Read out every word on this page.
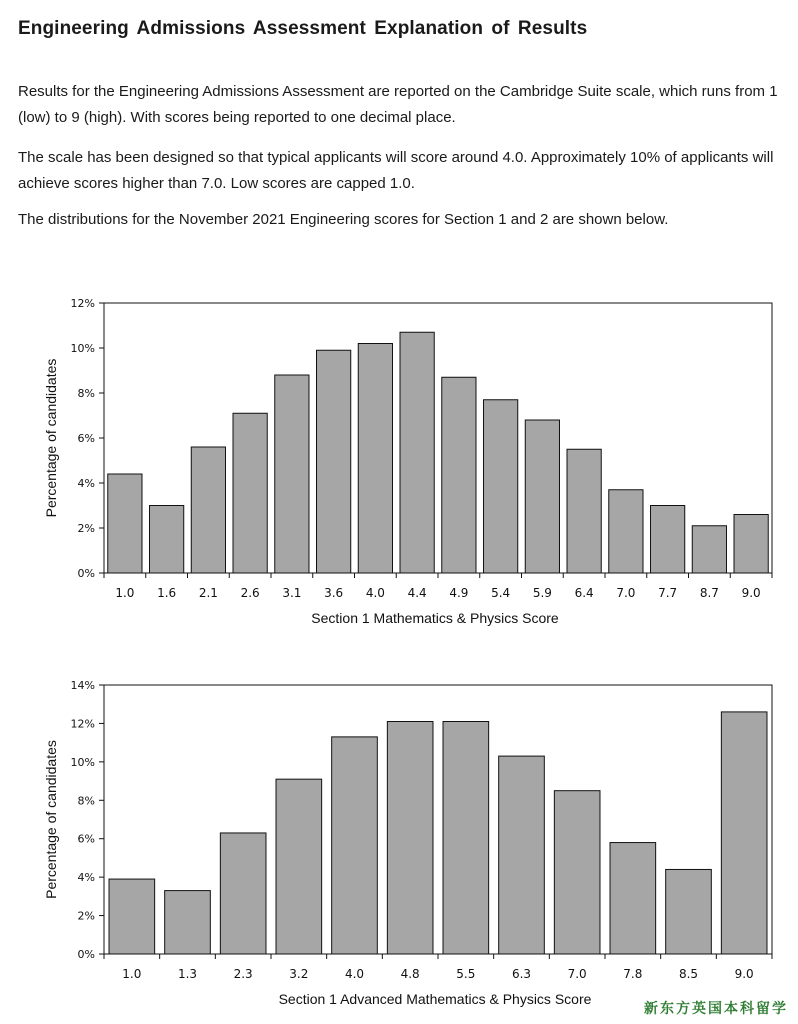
Engineering Admissions Assessment Explanation of Results

Results for the Engineering Admissions Assessment are reported on the Cambridge Suite scale, which runs from 1 (low) to 9 (high). With scores being reported to one decimal place.

The scale has been designed so that typical applicants will score around 4.0. Approximately 10% of applicants will achieve scores higher than 7.0. Low scores are capped 1.0.

The distributions for the November 2021 Engineering scores for Section 1 and 2 are shown below.

0%
2%
4%
6%
8%
10%
12%
1.0 1.6 2.1 2.6 3.1 3.6 4.0 4.4 4.9 5.4 5.9 6.4 7.0 7.7 8.7 9.0
Section 1 Mathematics & Physics Score
Percentage of candidates
0%
2%
4%
6%
8%
10%
12%
14%
1.0	1.3	2.3	3.2	4.0	4.8	5.5	6.3	7.0	7.8	8.5	9.0
Section 1 Advanced Mathematics & Physics Score
Percentage of candidates
新东方英国本科留学
